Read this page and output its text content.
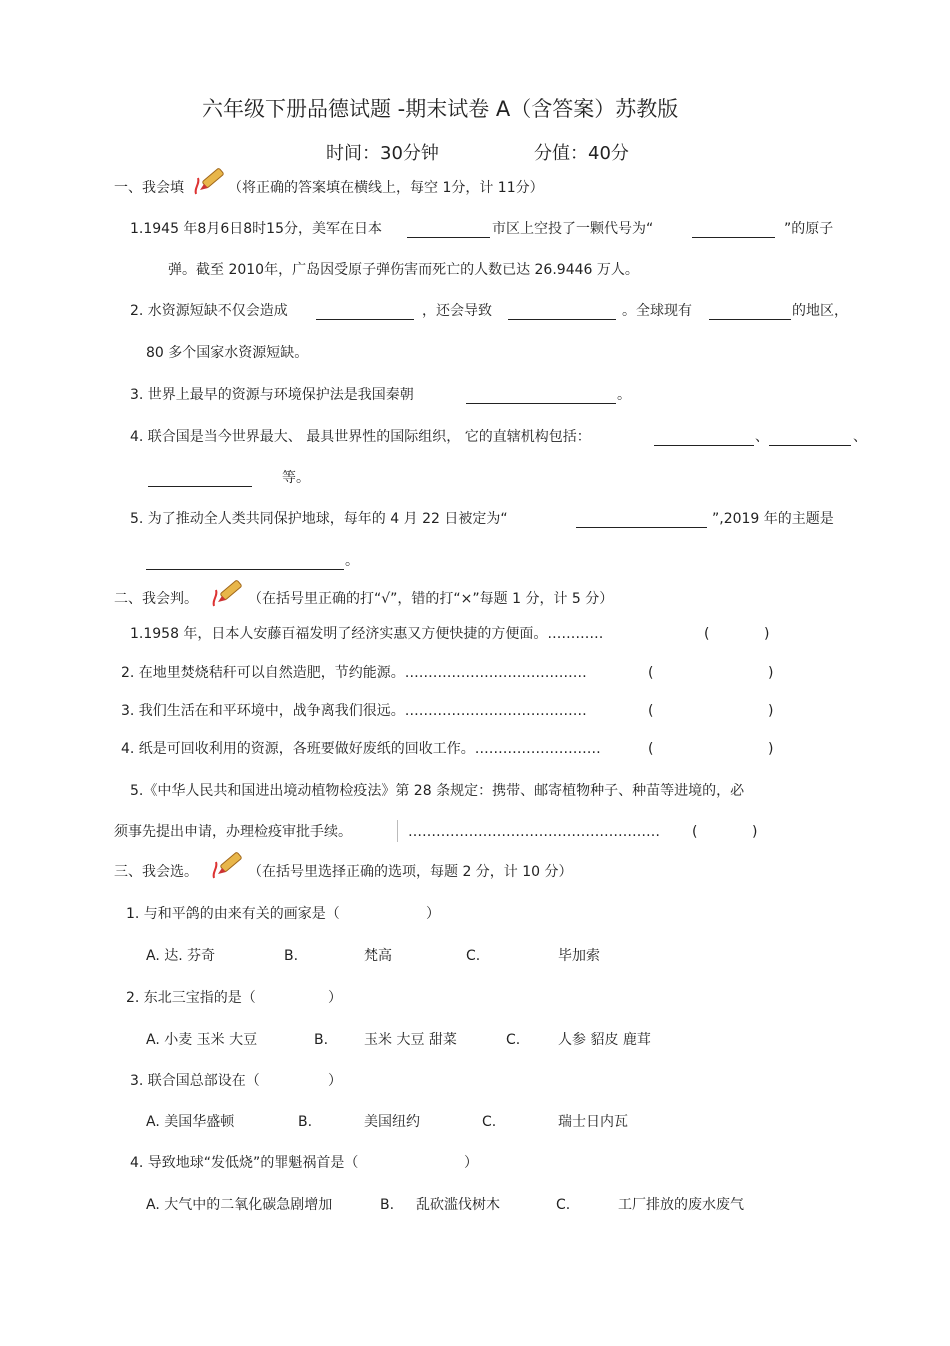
六年级下册品德试题 -期末试卷 A（含答案）苏教版
时间：30分钟	分值：40分
一、我会填	（将正确的答案填在横线上，每空 1分，计 11分）
1.1945 年8月6日8时15分，美军在日本	市区上空投了一颗代号为“	”的原子
弹。截至 2010年，广岛因受原子弹伤害而死亡的人数已达 26.9446 万人。
2. 水资源短缺不仅会造成	，还会导致	。全球现有	的地区，
80 多个国家水资源短缺。
3. 世界上最早的资源与环境保护法是我国秦朝	。
4. 联合国是当今世界最大、 最具世界性的国际组织， 它的直辖机构包括：	、	、
等。
5. 为了推动全人类共同保护地球，每年的 4 月 22 日被定为“	”,2019 年的主题是
。
二、我会判。	（在括号里正确的打“√”，错的打“×”每题 1 分，计 5 分）
1.1958 年，日本人安藤百福发明了经济实惠又方便快捷的方便面。…………	(	)
2. 在地里焚烧秸秆可以自然造肥，节约能源。…………………………………	(	)
3. 我们生活在和平环境中，战争离我们很远。…………………………………	(	)
4. 纸是可回收利用的资源，各班要做好废纸的回收工作。………………………	(	)
5.《中华人民共和国进出境动植物检疫法》第 28 条规定：携带、邮寄植物种子、种苗等进境的，必
须事先提出申请，办理检疫审批手续。	……………………………………………… (	)
三、我会选。	（在括号里选择正确的选项，每题 2 分，计 10 分）
1. 与和平鸽的由来有关的画家是（	）
A. 达. 芬奇	B.	梵高	C.	毕加索
2. 东北三宝指的是（	）
A. 小麦 玉米 大豆	B.	玉米 大豆 甜菜	C.	人参 貂皮 鹿茸
3. 联合国总部设在（	）
A. 美国华盛顿	B.	美国纽约	C.	瑞士日内瓦
4. 导致地球“发低烧”的罪魁祸首是（	）
A. 大气中的二氧化碳急剧增加	B. 乱砍滥伐树木	C.	工厂排放的废水废气
